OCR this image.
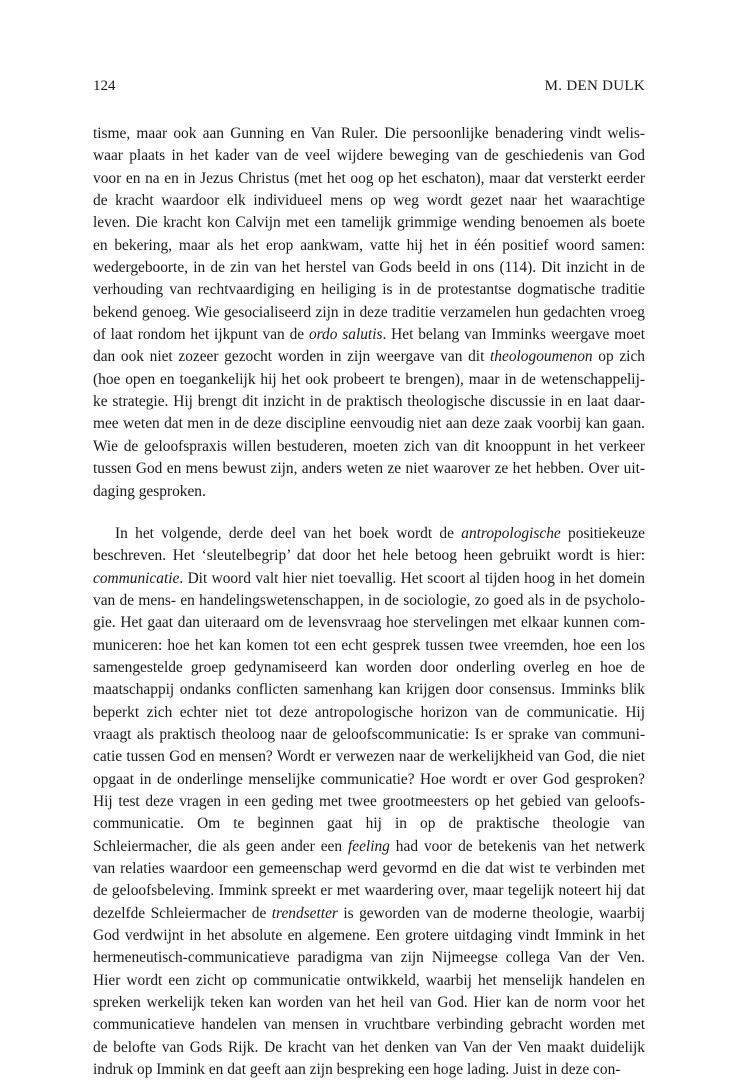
124	M. DEN DULK
tisme, maar ook aan Gunning en Van Ruler. Die persoonlijke benadering vindt welis-
waar plaats in het kader van de veel wijdere beweging van de geschiedenis van God
voor en na en in Jezus Christus (met het oog op het eschaton), maar dat versterkt eerder
de kracht waardoor elk individueel mens op weg wordt gezet naar het waarachtige
leven. Die kracht kon Calvijn met een tamelijk grimmige wending benoemen als boete
en bekering, maar als het erop aankwam, vatte hij het in één positief woord samen:
wedergeboorte, in de zin van het herstel van Gods beeld in ons (114). Dit inzicht in de
verhouding van rechtvaardiging en heiliging is in de protestantse dogmatische traditie
bekend genoeg. Wie gesocialiseerd zijn in deze traditie verzamelen hun gedachten vroeg
of laat rondom het ijkpunt van de ordo salutis. Het belang van Imminks weergave moet
dan ook niet zozeer gezocht worden in zijn weergave van dit theologoumenon op zich
(hoe open en toegankelijk hij het ook probeert te brengen), maar in de wetenschappelij-
ke strategie. Hij brengt dit inzicht in de praktisch theologische discussie in en laat daar-
mee weten dat men in de deze discipline eenvoudig niet aan deze zaak voorbij kan gaan.
Wie de geloofspraxis willen bestuderen, moeten zich van dit knooppunt in het verkeer
tussen God en mens bewust zijn, anders weten ze niet waarover ze het hebben. Over uit-
daging gesproken.
In het volgende, derde deel van het boek wordt de antropologische positiekeuze
beschreven. Het ‘sleutelbegrip’ dat door het hele betoog heen gebruikt wordt is hier:
communicatie. Dit woord valt hier niet toevallig. Het scoort al tijden hoog in het domein
van de mens- en handelingswetenschappen, in de sociologie, zo goed als in de psycholo-
gie. Het gaat dan uiteraard om de levensvraag hoe stervelingen met elkaar kunnen com-
municeren: hoe het kan komen tot een echt gesprek tussen twee vreemden, hoe een los
samengestelde groep gedynamiseerd kan worden door onderling overleg en hoe de
maatschappij ondanks conflicten samenhang kan krijgen door consensus. Imminks blik
beperkt zich echter niet tot deze antropologische horizon van de communicatie. Hij
vraagt als praktisch theoloog naar de geloofscommunicatie: Is er sprake van communi-
catie tussen God en mensen? Wordt er verwezen naar de werkelijkheid van God, die niet
opgaat in de onderlinge menselijke communicatie? Hoe wordt er over God gesproken?
Hij test deze vragen in een geding met twee grootmeesters op het gebied van geloofs-
communicatie. Om te beginnen gaat hij in op de praktische theologie van
Schleiermacher, die als geen ander een feeling had voor de betekenis van het netwerk
van relaties waardoor een gemeenschap werd gevormd en die dat wist te verbinden met
de geloofsbeleving. Immink spreekt er met waardering over, maar tegelijk noteert hij dat
dezelfde Schleiermacher de trendsetter is geworden van de moderne theologie, waarbij
God verdwijnt in het absolute en algemene. Een grotere uitdaging vindt Immink in het
hermeneutisch-communicatieve paradigma van zijn Nijmeegse collega Van der Ven.
Hier wordt een zicht op communicatie ontwikkeld, waarbij het menselijk handelen en
spreken werkelijk teken kan worden van het heil van God. Hier kan de norm voor het
communicatieve handelen van mensen in vruchtbare verbinding gebracht worden met
de belofte van Gods Rijk. De kracht van het denken van Van der Ven maakt duidelijk
indruk op Immink en dat geeft aan zijn bespreking een hoge lading. Juist in deze con-
